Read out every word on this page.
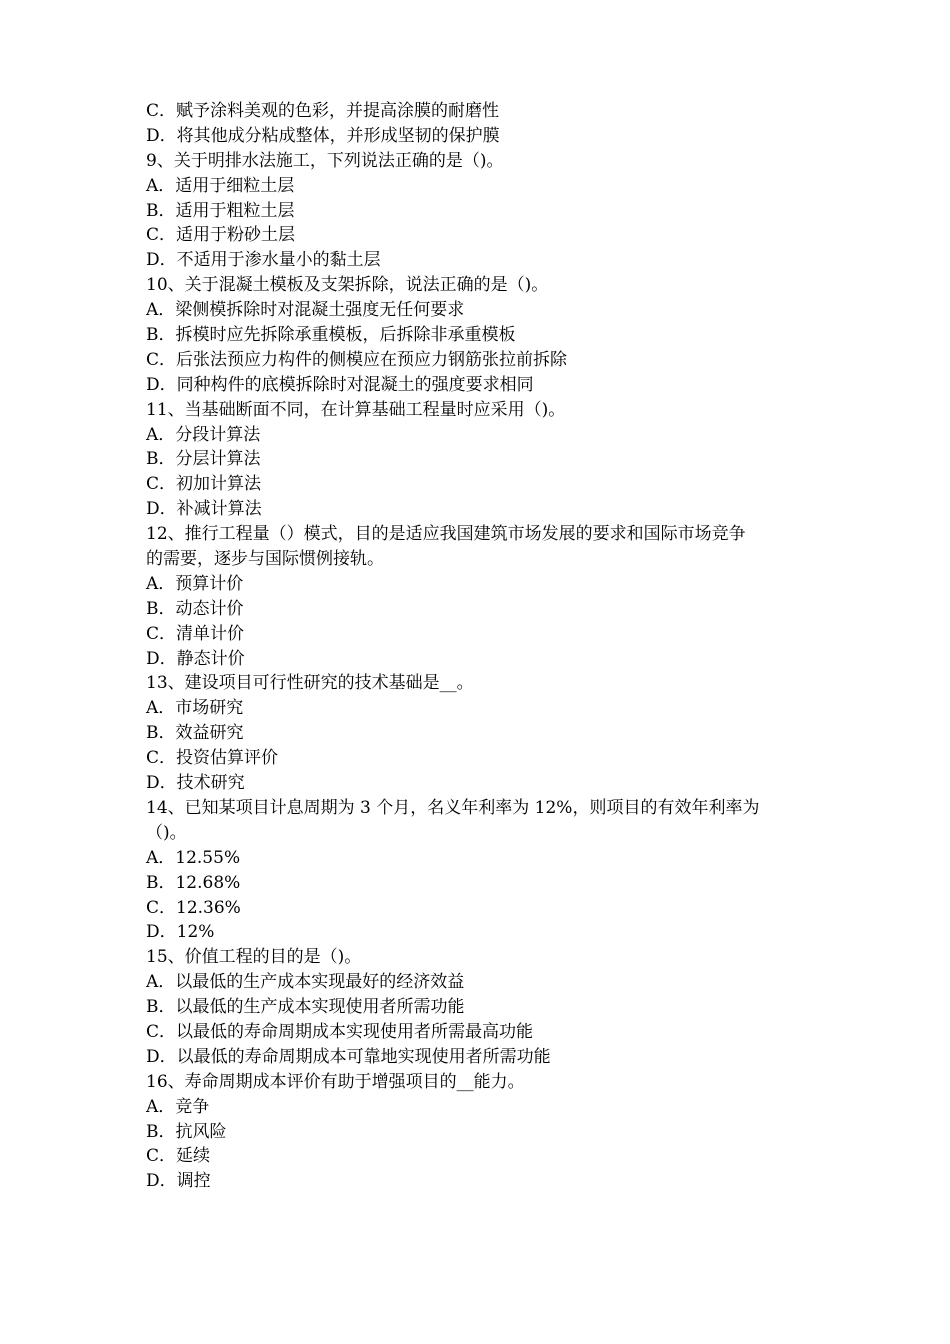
C．赋予涂料美观的色彩，并提高涂膜的耐磨性
D．将其他成分粘成整体，并形成坚韧的保护膜
9、关于明排水法施工，下列说法正确的是（)。
A．适用于细粒土层
B．适用于粗粒土层
C．适用于粉砂土层
D．不适用于渗水量小的黏土层
10、关于混凝土模板及支架拆除，说法正确的是（)。
A．梁侧模拆除时对混凝土强度无任何要求
B．拆模时应先拆除承重模板，后拆除非承重模板
C．后张法预应力构件的侧模应在预应力钢筋张拉前拆除
D．同种构件的底模拆除时对混凝土的强度要求相同
11、当基础断面不同，在计算基础工程量时应采用（)。
A．分段计算法
B．分层计算法
C．初加计算法
D．补减计算法
12、推行工程量（）模式，目的是适应我国建筑市场发展的要求和国际市场竞争
的需要，逐步与国际惯例接轨。
A．预算计价
B．动态计价
C．清单计价
D．静态计价
13、建设项目可行性研究的技术基础是__。
A．市场研究
B．效益研究
C．投资估算评价
D．技术研究
14、已知某项目计息周期为 3 个月，名义年利率为 12%，则项目的有效年利率为
（)。
A．12.55%
B．12.68%
C．12.36%
D．12%
15、价值工程的目的是（)。
A．以最低的生产成本实现最好的经济效益
B．以最低的生产成本实现使用者所需功能
C．以最低的寿命周期成本实现使用者所需最高功能
D．以最低的寿命周期成本可靠地实现使用者所需功能
16、寿命周期成本评价有助于增强项目的__能力。
A．竞争
B．抗风险
C．延续
D．调控
